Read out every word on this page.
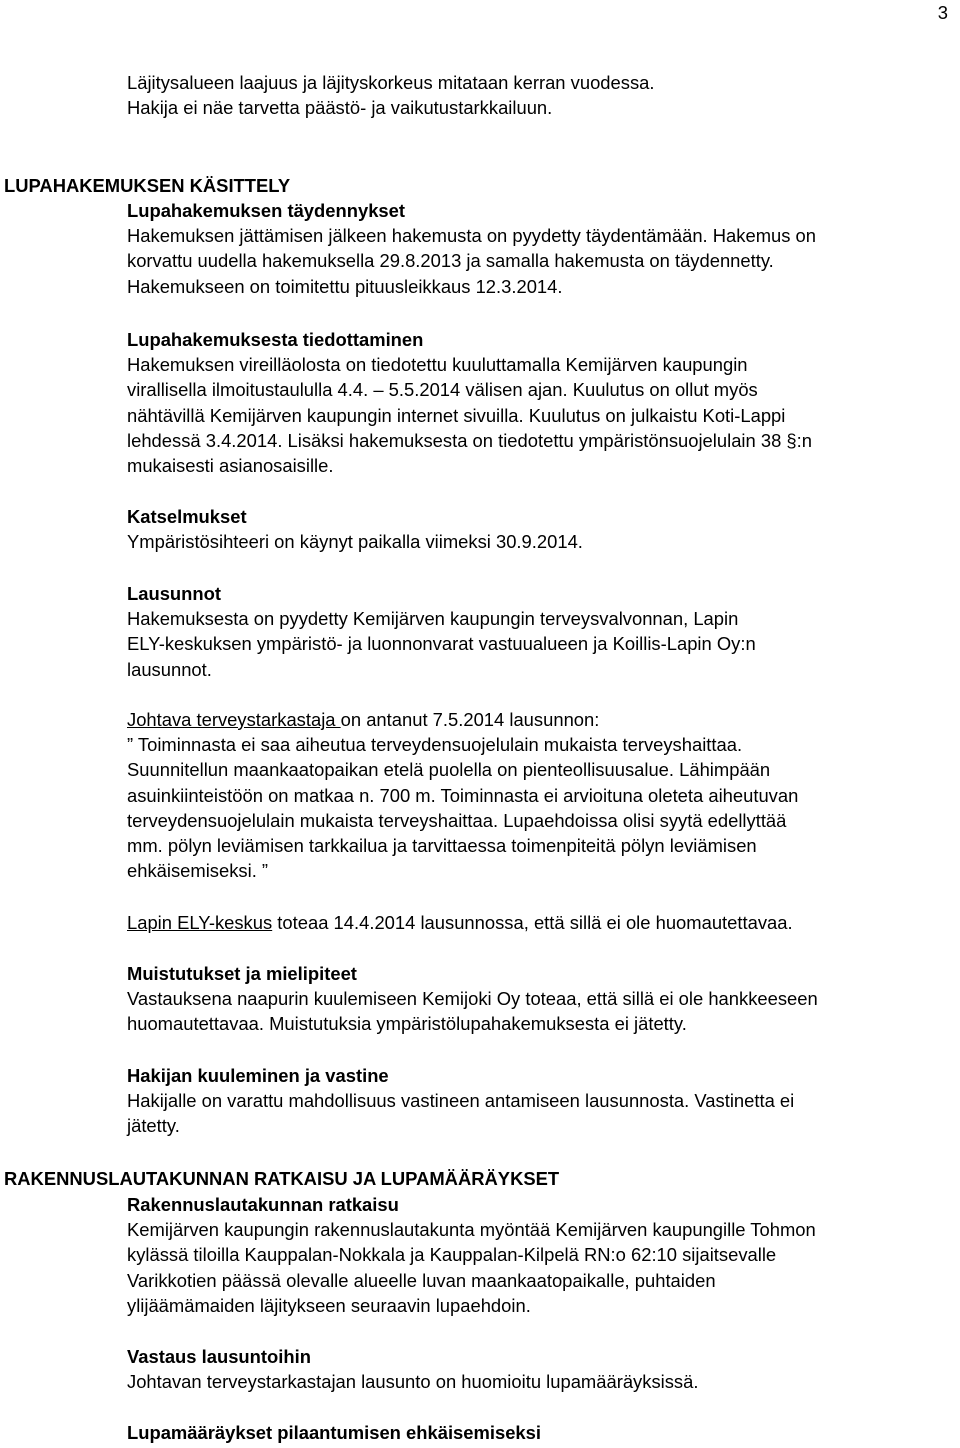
3

Läjitysalueen laajuus ja läjityskorkeus mitataan kerran vuodessa.

Hakija ei näe tarvetta päästö- ja vaikutustarkkailuun.

LUPAHAKEMUKSEN KÄSITTELY

Lupahakemuksen täydennykset

Hakemuksen jättämisen jälkeen hakemusta on pyydetty täydentämään. Hakemus on

korvattu uudella hakemuksella 29.8.2013 ja samalla hakemusta on täydennetty.

Hakemukseen on toimitettu pituusleikkaus 12.3.2014.

Lupahakemuksesta tiedottaminen

Hakemuksen vireilläolosta on tiedotettu kuuluttamalla Kemijärven kaupungin

virallisella ilmoitustaululla 4.4. – 5.5.2014 välisen ajan. Kuulutus on ollut myös

nähtävillä Kemijärven kaupungin internet sivuilla. Kuulutus on julkaistu Koti-Lappi

lehdessä 3.4.2014. Lisäksi hakemuksesta on tiedotettu ympäristönsuojelulain 38 §:n

mukaisesti asianosaisille.

Katselmukset

Ympäristösihteeri on käynyt paikalla viimeksi 30.9.2014.

Lausunnot

Hakemuksesta on pyydetty Kemijärven kaupungin terveysvalvonnan, Lapin

ELY-keskuksen ympäristö- ja luonnonvarat vastuualueen ja Koillis-Lapin Oy:n

lausunnot.

Johtava terveystarkastaja on antanut 7.5.2014 lausunnon:

” Toiminnasta ei saa aiheutua terveydensuojelulain mukaista terveyshaittaa.

Suunnitellun maankaatopaikan etelä puolella on pienteollisuusalue. Lähimpään

asuinkiinteistöön on matkaa n. 700 m. Toiminnasta ei arvioituna oleteta aiheutuvan

terveydensuojelulain mukaista terveyshaittaa. Lupaehdoissa olisi syytä edellyttää

mm. pölyn leviämisen tarkkailua ja tarvittaessa toimenpiteitä pölyn leviämisen

ehkäisemiseksi. ”

Lapin ELY-keskus toteaa 14.4.2014 lausunnossa, että sillä ei ole huomautettavaa.

Muistutukset ja mielipiteet

Vastauksena naapurin kuulemiseen Kemijoki Oy toteaa, että sillä ei ole hankkeeseen

huomautettavaa. Muistutuksia ympäristölupahakemuksesta ei jätetty.

Hakijan kuuleminen ja vastine

Hakijalle on varattu mahdollisuus vastineen antamiseen lausunnosta. Vastinetta ei

jätetty.

RAKENNUSLAUTAKUNNAN RATKAISU JA LUPAMÄÄRÄYKSET

Rakennuslautakunnan ratkaisu

Kemijärven kaupungin rakennuslautakunta myöntää Kemijärven kaupungille Tohmon

kylässä tiloilla Kauppalan-Nokkala ja Kauppalan-Kilpelä RN:o 62:10 sijaitsevalle

Varikkotien päässä olevalle alueelle luvan maankaatopaikalle, puhtaiden

ylijäämämaiden läjitykseen seuraavin lupaehdoin.

Vastaus lausuntoihin

Johtavan terveystarkastajan lausunto on huomioitu lupamääräyksissä.

Lupamääräykset pilaantumisen ehkäisemiseksi
